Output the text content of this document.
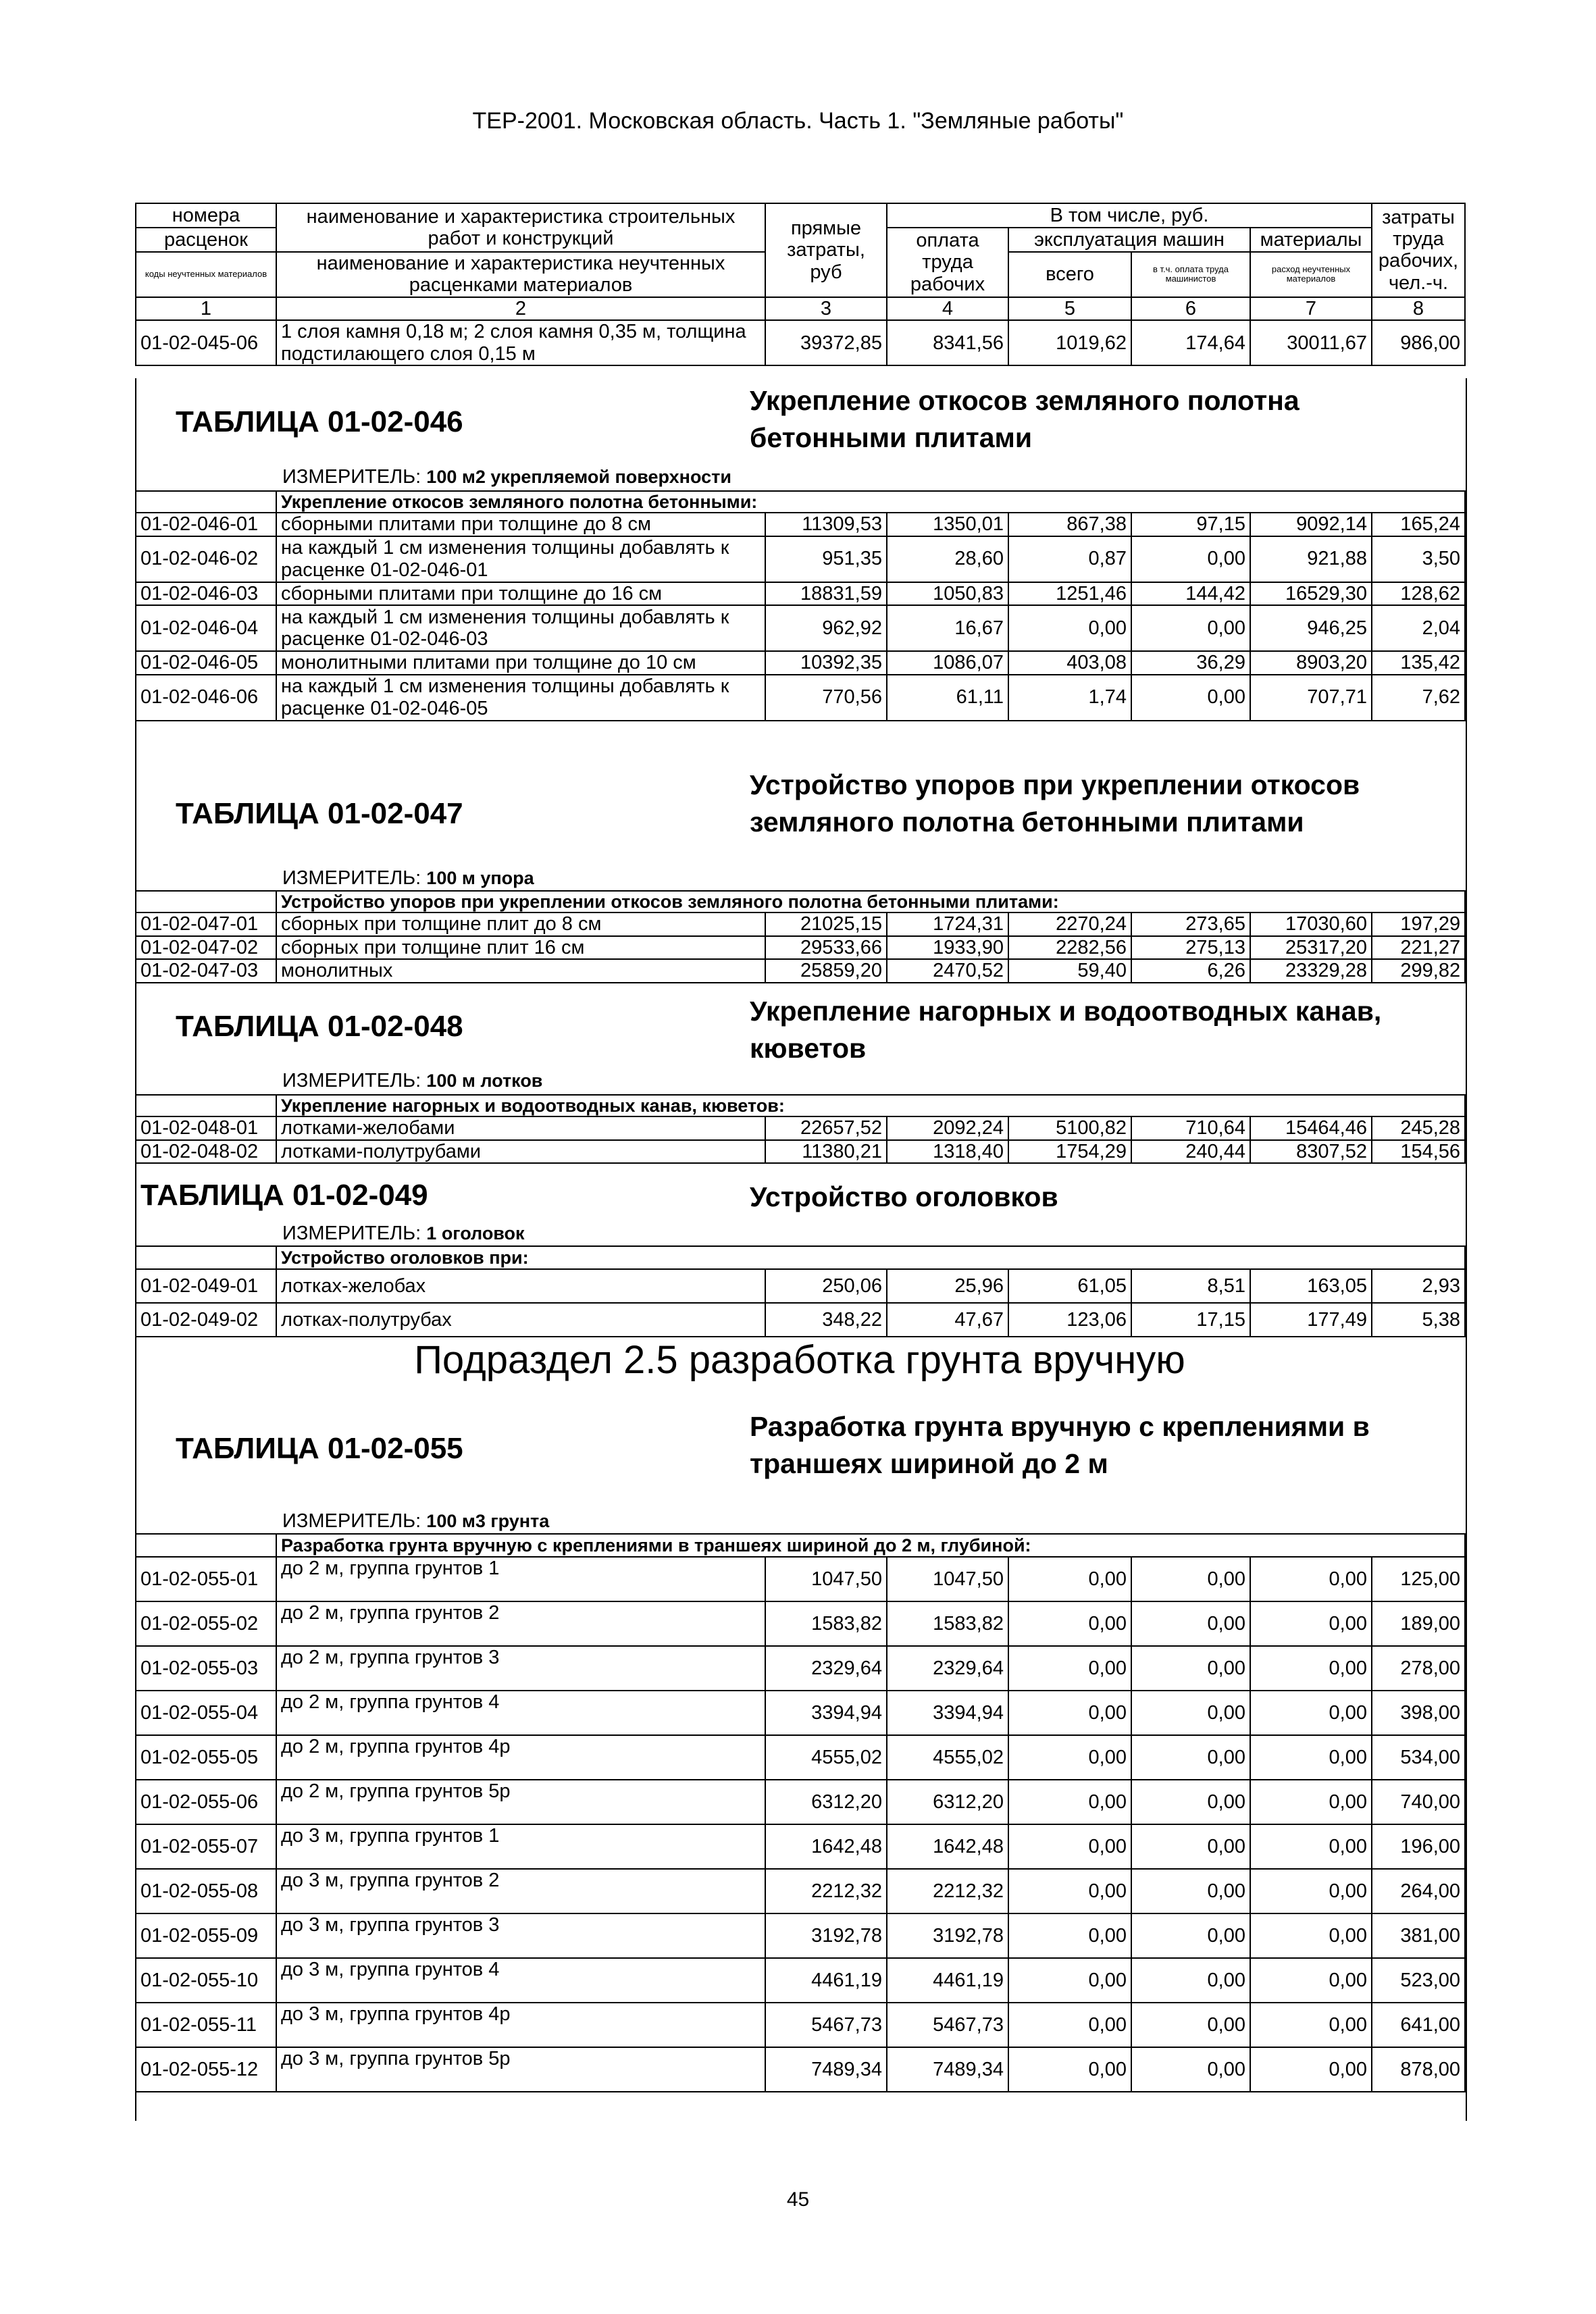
ТЕР-2001. Московская область. Часть 1. "Земляные работы"
номера	наименование и характеристика строительных работ и конструкций	прямые затраты, руб	В том числе, руб.				затраты труда рабочих, чел.-ч.
расценок			оплата труда рабочих	эксплуатация машин		материалы	
коды неучтенных материалов	наименование и характеристика неучтенных расценками материалов			всего	в т.ч. оплата труда машинистов	расход неучтенных материалов	
1	2	3	4	5	6	7	8
01-02-045-06	1 слоя камня 0,18 м; 2 слоя камня 0,35 м, толщина подстилающего слоя 0,15 м	39372,85	8341,56	1019,62	174,64	30011,67	986,00
ТАБЛИЦА 01-02-046
Укрепление откосов земляного полотна бетонными плитами
ИЗМЕРИТЕЛЬ: 100 м2 укрепляемой поверхности
	Укрепление откосов земляного полотна бетонными:						
01-02-046-01	сборными плитами при толщине до 8 см	11309,53	1350,01	867,38	97,15	9092,14	165,24
01-02-046-02	на каждый 1 см изменения толщины добавлять к расценке 01-02-046-01	951,35	28,60	0,87	0,00	921,88	3,50
01-02-046-03	сборными плитами при толщине до 16 см	18831,59	1050,83	1251,46	144,42	16529,30	128,62
01-02-046-04	на каждый 1 см изменения толщины добавлять к расценке 01-02-046-03	962,92	16,67	0,00	0,00	946,25	2,04
01-02-046-05	монолитными плитами при толщине до 10 см	10392,35	1086,07	403,08	36,29	8903,20	135,42
01-02-046-06	на каждый 1 см изменения толщины добавлять к расценке 01-02-046-05	770,56	61,11	1,74	0,00	707,71	7,62
ТАБЛИЦА 01-02-047
Устройство упоров при укреплении откосов земляного полотна бетонными плитами
ИЗМЕРИТЕЛЬ: 100 м упора
	Устройство упоров при укреплении откосов земляного полотна бетонными плитами:						
01-02-047-01	сборных при толщине плит до 8 см	21025,15	1724,31	2270,24	273,65	17030,60	197,29
01-02-047-02	сборных при толщине плит 16 см	29533,66	1933,90	2282,56	275,13	25317,20	221,27
01-02-047-03	монолитных	25859,20	2470,52	59,40	6,26	23329,28	299,82
ТАБЛИЦА 01-02-048	Укрепление нагорных и водоотводных канав, кюветов
ИЗМЕРИТЕЛЬ: 100 м лотков
	Укрепление нагорных и водоотводных канав, кюветов:						
01-02-048-01	лотками-желобами	22657,52	2092,24	5100,82	710,64	15464,46	245,28
01-02-048-02	лотками-полутрубами	11380,21	1318,40	1754,29	240,44	8307,52	154,56
ТАБЛИЦА 01-02-049	Устройство оголовков
ИЗМЕРИТЕЛЬ: 1 оголовок
	Устройство оголовков при:						
01-02-049-01	лотках-желобах	250,06	25,96	61,05	8,51	163,05	2,93
01-02-049-02	лотках-полутрубах	348,22	47,67	123,06	17,15	177,49	5,38
Подраздел 2.5 разработка грунта вручную
ТАБЛИЦА 01-02-055
Разработка грунта вручную с креплениями в траншеях шириной до 2 м
ИЗМЕРИТЕЛЬ: 100 м3 грунта
	Разработка грунта вручную с креплениями в траншеях шириной до 2 м, глубиной:						
01-02-055-01	до 2 м, группа грунтов 1	1047,50	1047,50	0,00	0,00	0,00	125,00
01-02-055-02	до 2 м, группа грунтов 2	1583,82	1583,82	0,00	0,00	0,00	189,00
01-02-055-03	до 2 м, группа грунтов 3	2329,64	2329,64	0,00	0,00	0,00	278,00
01-02-055-04	до 2 м, группа грунтов 4	3394,94	3394,94	0,00	0,00	0,00	398,00
01-02-055-05	до 2 м, группа грунтов 4р	4555,02	4555,02	0,00	0,00	0,00	534,00
01-02-055-06	до 2 м, группа грунтов 5р	6312,20	6312,20	0,00	0,00	0,00	740,00
01-02-055-07	до 3 м, группа грунтов 1	1642,48	1642,48	0,00	0,00	0,00	196,00
01-02-055-08	до 3 м, группа грунтов 2	2212,32	2212,32	0,00	0,00	0,00	264,00
01-02-055-09	до 3 м, группа грунтов 3	3192,78	3192,78	0,00	0,00	0,00	381,00
01-02-055-10	до 3 м, группа грунтов 4	4461,19	4461,19	0,00	0,00	0,00	523,00
01-02-055-11	до 3 м, группа грунтов 4р	5467,73	5467,73	0,00	0,00	0,00	641,00
01-02-055-12	до 3 м, группа грунтов 5р	7489,34	7489,34	0,00	0,00	0,00	878,00
45
